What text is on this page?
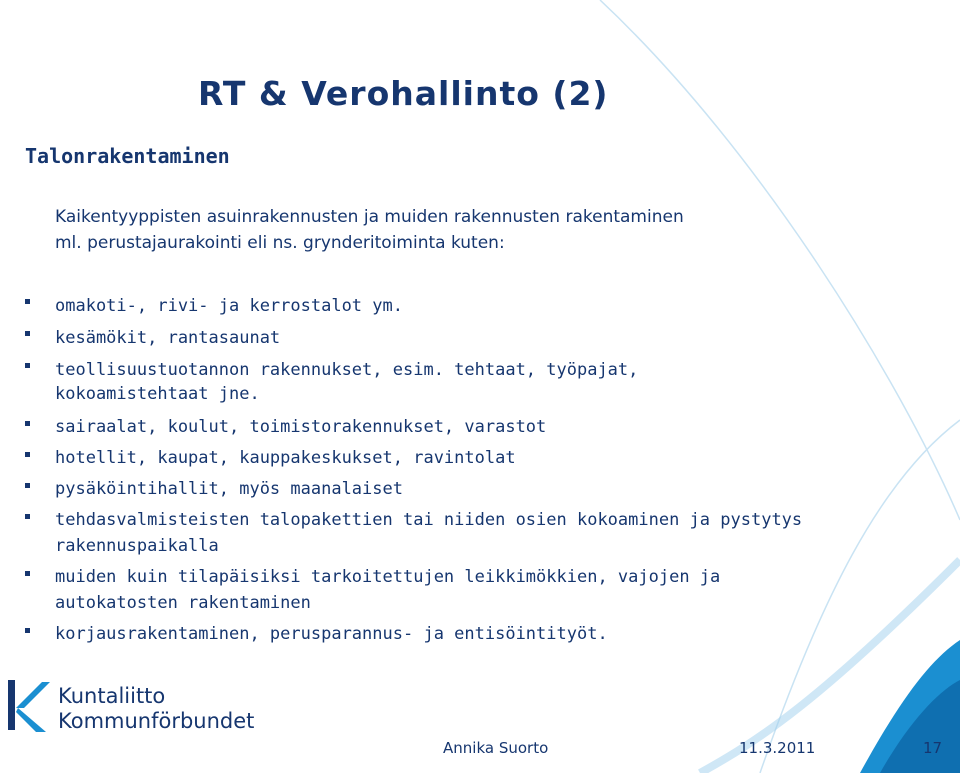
RT & Verohallinto (2)
Talonrakentaminen
Kaikentyyppisten asuinrakennusten ja muiden rakennusten rakentaminen
ml. perustajaurakointi eli ns. grynderitoiminta kuten:
omakoti-, rivi- ja kerrostalot ym.
kesämökit, rantasaunat
teollisuustuotannon rakennukset, esim. tehtaat, työpajat,
kokoamistehtaat jne.
sairaalat, koulut, toimistorakennukset, varastot
hotellit, kaupat, kauppakeskukset, ravintolat
pysäköintihallit, myös maanalaiset
tehdasvalmisteisten talopakettien tai niiden osien kokoaminen ja pystytys
rakennuspaikalla
muiden kuin tilapäisiksi tarkoitettujen leikkimökkien, vajojen ja
autokatosten rakentaminen
korjausrakentaminen, perusparannus- ja entisöintityöt.
Kuntaliitto
Kommunförbundet
Annika Suorto	11.3.2011	17
